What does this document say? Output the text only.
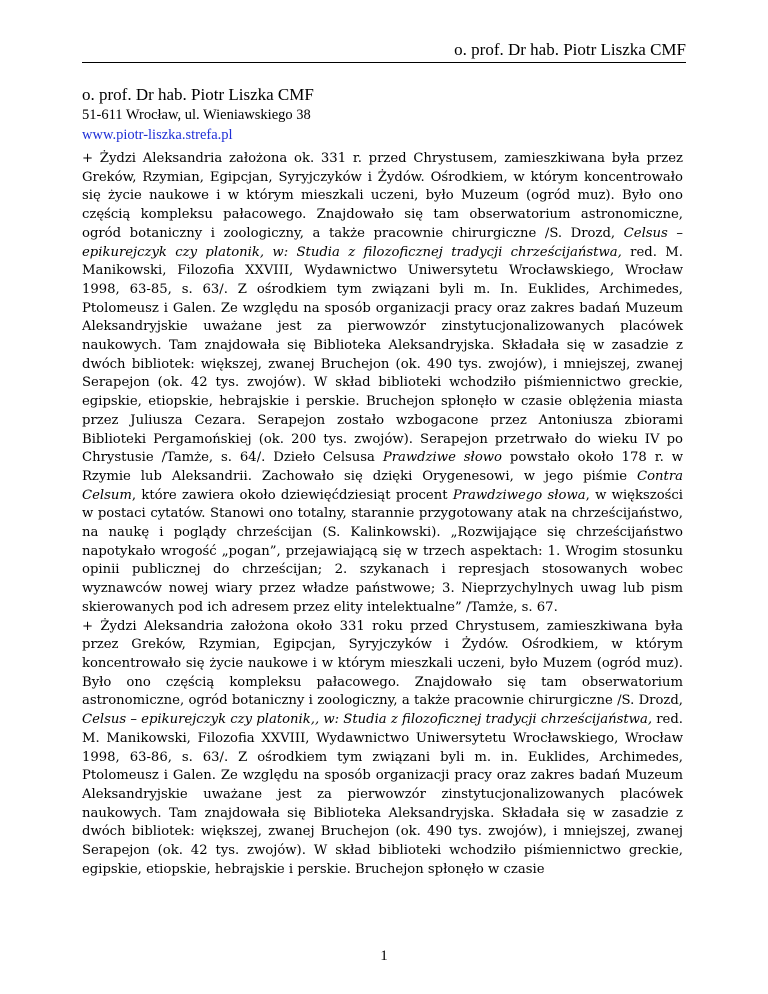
o. prof. Dr hab. Piotr Liszka CMF
o. prof. Dr hab. Piotr Liszka CMF
51-611 Wrocław, ul. Wieniawskiego 38
www.piotr-liszka.strefa.pl

+ Żydzi Aleksandria założona ok. 331 r. przed Chrystusem, zamieszkiwana była przez Greków, Rzymian, Egipcjan, Syryjczyków i Żydów. Ośrodkiem, w którym koncentrowało się życie naukowe i w którym mieszkali uczeni, było Muzeum (ogród muz). Było ono częścią kompleksu pałacowego. Znajdowało się tam obserwatorium astronomiczne, ogród botaniczny i zoologiczny, a także pracownie chirurgiczne /S. Drozd, Celsus – epikurejczyk czy platonik, w: Studia z filozoficznej tradycji chrześcijaństwa, red. M. Manikowski, Filozofia XXVIII, Wydawnictwo Uniwersytetu Wrocławskiego, Wrocław 1998, 63-85, s. 63/. Z ośrodkiem tym związani byli m. In. Euklides, Archimedes, Ptolomeusz i Galen. Ze względu na sposób organizacji pracy oraz zakres badań Muzeum Aleksandryjskie uważane jest za pierwowzór zinstytucjonalizowanych placówek naukowych. Tam znajdowała się Biblioteka Aleksandryjska. Składała się w zasadzie z dwóch bibliotek: większej, zwanej Bruchejon (ok. 490 tys. zwojów), i mniejszej, zwanej Serapejon (ok. 42 tys. zwojów). W skład biblioteki wchodziło piśmiennictwo greckie, egipskie, etiopskie, hebrajskie i perskie. Bruchejon spłonęło w czasie oblężenia miasta przez Juliusza Cezara. Serapejon zostało wzbogacone przez Antoniusza zbiorami Biblioteki Pergamońskiej (ok. 200 tys. zwojów). Serapejon przetrwało do wieku IV po Chrystusie /Tamże, s. 64/. Dzieło Celsusa Prawdziwe słowo powstało około 178 r. w Rzymie lub Aleksandrii. Zachowało się dzięki Orygenesowi, w jego piśmie Contra Celsum, które zawiera około dziewięćdziesiąt procent Prawdziwego słowa, w większości w postaci cytatów. Stanowi ono totalny, starannie przygotowany atak na chrześcijaństwo, na naukę i poglądy chrześcijan (S. Kalinkowski). „Rozwijające się chrześcijaństwo napotykało wrogość „pogan”, przejawiającą się w trzech aspektach: 1. Wrogim stosunku opinii publicznej do chrześcijan; 2. szykanach i represjach stosowanych wobec wyznawców nowej wiary przez władze państwowe; 3. Nieprzychylnych uwag lub pism skierowanych pod ich adresem przez elity intelektualne” /Tamże, s. 67.

+ Żydzi Aleksandria założona około 331 roku przed Chrystusem, zamieszkiwana była przez Greków, Rzymian, Egipcjan, Syryjczyków i Żydów. Ośrodkiem, w którym koncentrowało się życie naukowe i w którym mieszkali uczeni, było Muzem (ogród muz). Było ono częścią kompleksu pałacowego. Znajdowało się tam obserwatorium astronomiczne, ogród botaniczny i zoologiczny, a także pracownie chirurgiczne /S. Drozd, Celsus – epikurejczyk czy platonik,, w: Studia z filozoficznej tradycji chrześcijaństwa, red. M. Manikowski, Filozofia XXVIII, Wydawnictwo Uniwersytetu Wrocławskiego, Wrocław 1998, 63-86, s. 63/. Z ośrodkiem tym związani byli m. in. Euklides, Archimedes, Ptolomeusz i Galen. Ze względu na sposób organizacji pracy oraz zakres badań Muzeum Aleksandryjskie uważane jest za pierwowzór zinstytucjonalizowanych placówek naukowych. Tam znajdowała się Biblioteka Aleksandryjska. Składała się w zasadzie z dwóch bibliotek: większej, zwanej Bruchejon (ok. 490 tys. zwojów), i mniejszej, zwanej Serapejon (ok. 42 tys. zwojów). W skład biblioteki wchodziło piśmiennictwo greckie, egipskie, etiopskie, hebrajskie i perskie. Bruchejon spłonęło w czasie

1
